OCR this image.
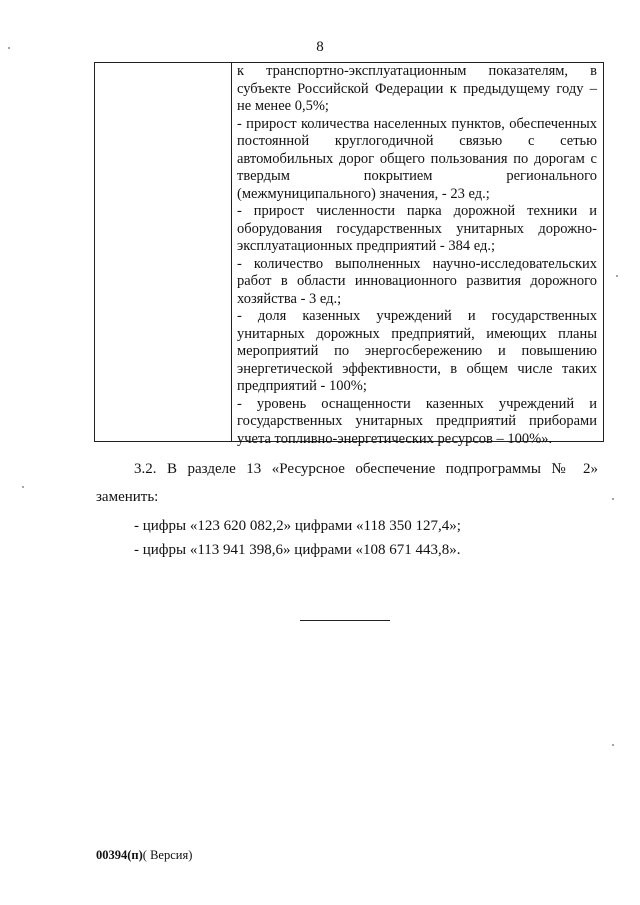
8

к транспортно-эксплуатационным показателям, в субъекте Российской Федерации к предыдущему году – не менее 0,5%;

- прирост количества населенных пунктов, обеспеченных постоянной круглогодичной связью с сетью автомобильных дорог общего пользования по дорогам с твердым покрытием регионального (межмуниципального) значения, - 23 ед.;

- прирост численности парка дорожной техники и оборудования государственных унитарных дорожно-эксплуатационных предприятий - 384 ед.;

- количество выполненных научно-исследовательских работ в области инновационного развития дорожного хозяйства - 3 ед.;

- доля казенных учреждений и государственных унитарных дорожных предприятий, имеющих планы мероприятий по энергосбережению и повышению энергетической эффективности, в общем числе таких предприятий - 100%;

- уровень оснащенности казенных учреждений и государственных унитарных предприятий приборами учета топливно-энергетических ресурсов – 100%».

3.2. В разделе 13 «Ресурсное обеспечение подпрограммы № 2»
заменить:
- цифры «123 620 082,2» цифрами «118 350 127,4»;
- цифры «113 941 398,6» цифрами «108 671 443,8».
00394(п)( Версия)
